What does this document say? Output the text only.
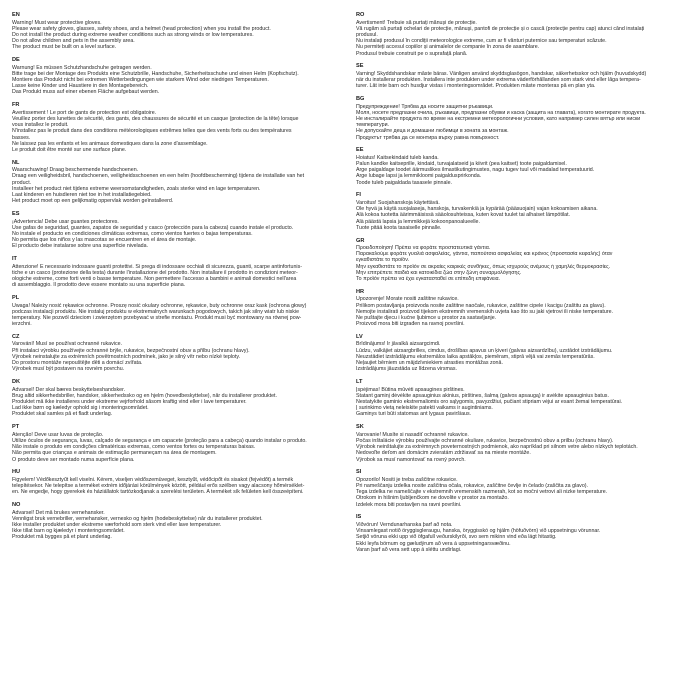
EN
Warning! Must wear protective gloves.
Please wear safety gloves, glasses, safety shoes, and a helmet (head protection) when you install the product.
Do not install the product during extreme weather conditions such as strong winds or low temperatures.
Do not allow children and pets in the assembly area.
The product must be built on a level surface.
DE
Warnung! Es müssen Schutzhandschuhe getragen werden.
Bitte trage bei der Montage des Produkts eine Schutzbrille, Handschuhe, Sicherheitsschuhe und einen Helm (Kopfschutz).
Montiere das Produkt nicht bei extremen Wetterbedingungen wie starkem Wind oder niedrigen Temperaturen.
Lasse keine Kinder und Haustiere in den Montagebereich.
Das Produkt muss auf einer ebenen Fläche aufgebaut werden.
FR
Avertissement ! Le port de gants de protection est obligatoire.
Veuillez porter des lunettes de sécurité, des gants, des chaussures de sécurité et un casque (protection de la tête) lorsque
vous installez le produit.
N'installez pas le produit dans des conditions météorologiques extrêmes telles que des vents forts ou des températures
basses.
Ne laissez pas les enfants et les animaux domestiques dans la zone d'assemblage.
Le produit doit être monté sur une surface plane.
NL
Waarschuwing! Draag beschermende handschoenen.
Draag een veiligheidsbril, handschoenen, veiligheidsschoenen en een helm (hoofdbescherming) tijdens de installatie van het
product.
Installeer het product niet tijdens extreme weersomstandigheden, zoals sterke wind en lage temperaturen.
Laat kinderen en huisdieren niet toe in het installatiegebied.
Het product moet op een gelijkmatig oppervlak worden geïnstalleerd.
ES
¡Advertencia! Debe usar guantes protectores.
Use gafas de seguridad, guantes, zapatos de seguridad y casco (protección para la cabeza) cuando instale el producto.
No instale el producto en condiciones climáticas extremas, como vientos fuertes o bajas temperaturas.
No permita que los niños y las mascotas se encuentren en el área de montaje.
El producto debe instalarse sobre una superficie nivelada.
IT
Attenzione! È necessario indossare guanti protettivi. Si prega di indossare occhiali di sicurezza, guanti, scarpe antinfortunis-
tiche e un casco (protezione della testa) durante l'installazione del prodotto. Non installare il prodotto in condizioni meteor-
ologiche estreme, come forti venti o basse temperature. Non permettere l'accesso a bambini e animali domestici nell'area
di assemblaggio. Il prodotto deve essere montato su una superficie piana.
PL
Uwaga! Należy nosić rękawice ochronne. Proszę nosić okulary ochronne, rękawice, buty ochronne oraz kask (ochrona głowy)
podczas instalacji produktu. Nie instaluj produktu w ekstremalnych warunkach pogodowych, takich jak silny wiatr lub niskie
temperatury. Nie pozwól dzieciom i zwierzętom przebywać w strefie montażu. Produkt musi być montowany na równej pow-
ierzchni.
CZ
Varování! Musí se používat ochranné rukavice.
Při instalaci výrobku používejte ochranné brýle, rukavice, bezpečnostní obuv a přilbu (ochranu hlavy).
Výrobek neinstalujte za extrémních povětrnostních podmínek, jako je silný vítr nebo nízké teploty.
Do prostoru montáže nepouštějte děti a domácí zvířata.
Výrobek musí být postaven na rovném povrchu.
DK
Advarsel! Der skal bæres beskyttelseshandsker.
Brug altid sikkerhedsbriller, handsker, sikkerhedssko og en hjelm (hovedbeskyttelse), når du installerer produktet.
Produktet må ikke installeres under ekstreme vejrforhold såsom kraftig vind eller i lave temperaturer.
Lad ikke børn og kæledyr ophold sig i monteringsområdet.
Produktet skal samles på et fladt underlag.
PT
Atenção! Deve usar luvas de proteção.
Utilize óculos de segurança, luvas, calçado de segurança e um capacete (proteção para a cabeça) quando instalar o produto.
Não instale o produto em condições climatéricas extremas, como ventos fortes ou temperaturas baixas.
Não permita que crianças e animais de estimação permaneçam na área de montagem.
O produto deve ser montado numa superfície plana.
HU
Figyelem! Védőkesztyűt kell viselni. Kérem, viseljen védőszemüveget, kesztyűt, védőcipőt és sisakot (fejvédőt) a termék
telepítésekor. Ne telepítse a terméket extrém időjárási körülmények között, például erős szélben vagy alacsony hőmérséklet-
en. Ne engedje, hogy gyerekek és háziállatok tartózkodjanak a szerelési területen. A terméket sík felületen kell összeépíteni.
NO
Advarsel! Det må brukes vernehansker.
Vennligst bruk vernebriller, vernehansker, vernesko og hjelm (hodebeskyttelse) når du installerer produktet.
Ikke installer produktet under ekstreme værforhold som sterk vind eller lave temperaturer.
Ikke tillat barn og kjæledyr i monteringsområdet.
Produktet må bygges på et plant underlag.
RO
Avertisment! Trebuie să purtați mănuși de protecție.
Vă rugăm să purtați ochelari de protecție, mănuși, pantofi de protecție și o cască (protecție pentru cap) atunci când instalați
produsul.
Nu instalați produsul în condiții meteorologice extreme, cum ar fi vânturi puternice sau temperaturi scăzute.
Nu permiteți accesul copiilor și animalelor de companie în zona de asamblare.
Produsul trebuie construit pe o suprafață plană.
SE
Varning! Skyddshandskar måste bäras. Vänligen använd skyddsglasögon, handskar, säkerhetsskor och hjälm (huvudskydd)
när du installerar produkten. Installera inte produkten under extrema väderförhållanden som stark vind eller låga tempera-
turer. Låt inte barn och husdjur vistas i monteringsområdet. Produkten måste monteras på en plan yta.
BG
Предупреждение! Трябва да носите защитни ръкавици.
Моля, носете предпазни очила, ръкавици, предпазни обувки и каска (защита на главата), когато монтирате продукта.
Не инсталирайте продукта по време на екстремни метеорологични условия, като например силен вятър или ниски
температури.
Не допускайте деца и домашни любимци в зоната за монтаж.
Продуктът трябва да се монтира върху равна повърхност.
EE
Hoiatus! Kaitsekindaid tuleb kanda.
Palun kandke kaitseprille, kindaid, turvajalatseid ja kiivrit (pea kaitset) toote paigaldamisel.
Ärge paigaldage toodet äärmuslikes ilmastikutingimustes, nagu tugev tuul või madalad temperatuurid.
Ärge lubage lapsi ja lemmikloomi paigaldusprirkonda.
Toode tuleb paigaldada tasasele pinnale.
FI
Varoitus! Suojahanskoja käytettävä.
Ole hyvä ja käytä suojalaseja, hanskoja, turvakenkiä ja kypärää (pääsuojain) vajan kokoamisen aikana.
Älä kokoa tuotetta äärimmäisissä sääolosuhteissa, kuten kovat tuulet tai alhaiset lämpötilat.
Älä päästä lapsia ja lemmikkejä kokoonpanoalueelle.
Tuote pitää koota tasaiselle pinnalle.
GR
Προειδοποίηση! Πρέπει να φοράτε προστατευτικά γάντια.
Παρακαλούμε φοράτε γυαλιά ασφαλείας, γάντια, παπούτσια ασφαλείας και κράνος (προστασία κεφαλής) όταν
εγκαθιστάτε το προϊόν.
Μην εγκαθιστάτε το προϊόν σε ακραίες καιρικές συνθήκες, όπως ισχυρούς ανέμους ή χαμηλές θερμοκρασίες.
Μην επιτρέπετε παιδιά και κατοικίδια ζώα στην ζώνη συναρμολόγησης.
Το προϊόν πρέπει να έχει εγκατασταθεί σε επίπεδη επιφάνεια.
HR
Upozorenje! Morate nositi zaštitne rukavice.
Prilikom postavljanja proizvoda nosite zaštitne naočale, rukavice, zaštitne cipele i kacigu (zaštitu za glavu).
Nemojte instalirati proizvod tijekom ekstremnih vremenskih uvjeta kao što su jaki vjetrovi ili niske temperature.
Ne puštajte djecu i kućne ljubimce u prostor za sastavljanje.
Proizvod mora biti izgrađen na ravnoj površini.
LV
Brīdinājums! Ir jāvalkā aizsargcimdi.
Lūdzu, valkājiet aizsargbrilles, cimdus, drošības apavus un ķiveri (galvas aizsardzību), uzstādot izstrādājumu.
Neuzstādiet izstrādājumu ekstremālos laika apstākļos, piemēram, stiprā vējā vai zemās temperatūrās.
Neļaujiet bērniem un mājdzīvniekiem atrasties montāžas zonā.
Izstrādājums jāuzstāda uz līdzena virsmas.
LT
Įspėjimas! Būtina mūvėti apsaugines pirštines.
Statant gaminį dėvėkite apsauginius akinius, pirštines, šalmą (galvos apsaugą) ir avėkite apsauginius batus.
Nestatykite gaminio ekstremaliomis oro sąlygomis, pavyzdžiui, pučiant stipriam vėjui ar esant žemai temperatūrai.
Į surinkimo vietą neleiskite patekti vaikams ir augintiniams.
Gaminys turi būti statomas ant lygaus paviršiaus.
SK
Varovanie! Musíte si nasadiť ochranné rukavice.
Počas inštalácie výrobku používajte ochranné okuliare, rukavice, bezpečnostnú obuv a prilbu (ochranu hlavy).
Výrobok neinštalujte za extrémnych poveternostných podmienok, ako napríklad pri silnom vetre alebo nízkych teplotách.
Nedovoľte deťom ani domácim zvieratám zdržiavať sa na mieste montáže.
Výrobok sa musí namontovať na rovný povrch.
SI
Opozorilo! Nositi je treba zaščitne rokavice.
Pri nameščanju izdelka nosite zaščitna očala, rokavice, zaščitne čevlje in čelado (zaščita za glavo).
Tega izdelka ne nameščajte v ekstremnih vremenskih razmerah, kot so močni vetrovi ali nizke temperature.
Otrokom in hišnim ljubljenčkom ne dovolite v prostor za montažo.
Izdelek mora biti postavljen na ravni površini.
IS
Viðvörun! Verndunarhanska þarf að nota.
Vinsamlegast notið öryggisgleraugu, hanska, öryggisskó og hjálm (höfuðvörn) við uppsetningu vörunnar.
Setjið vöruna ekki upp við öfgafull veðurskilyrði, svo sem mikinn vind eða lágt hitastig.
Ekki leyfa börnum og gæludýrum að vera á uppsetningarsvæðinu.
Varan þarf að vera sett upp á sléttu undirlagi.
